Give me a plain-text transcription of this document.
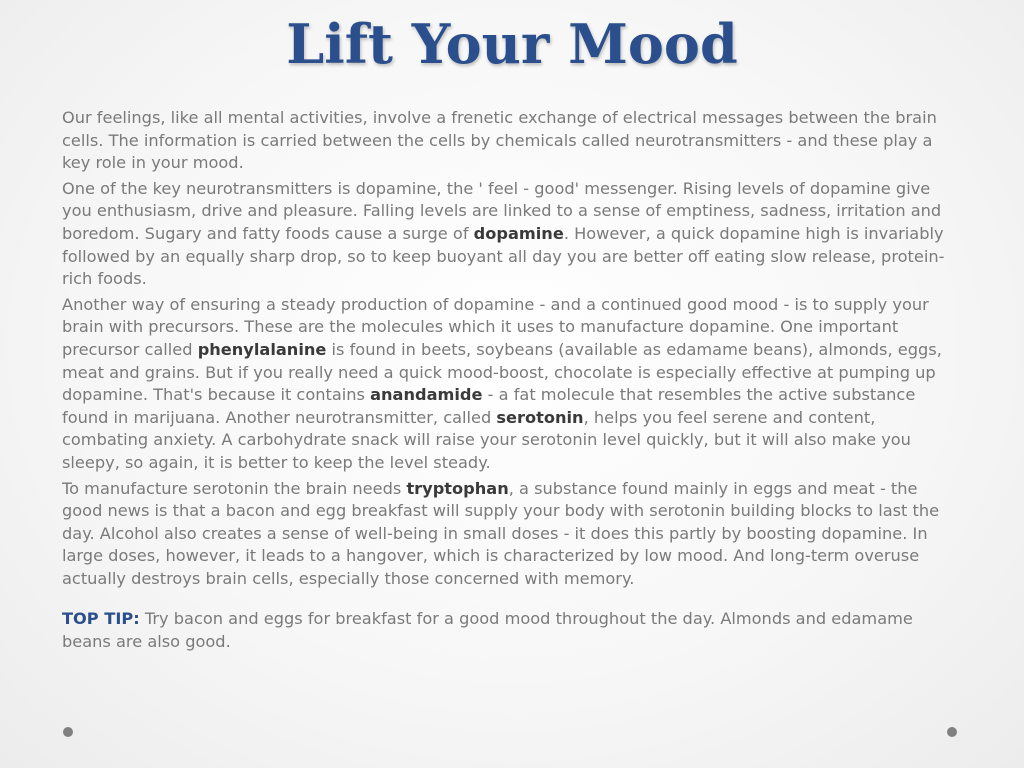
Lift Your Mood

Our feelings, like all mental activities, involve a frenetic exchange of electrical messages between the brain cells. The information is carried between the cells by chemicals called neurotransmitters - and these play a key role in your mood.

One of the key neurotransmitters is dopamine, the ' feel - good' messenger. Rising levels of dopamine give you enthusiasm, drive and pleasure. Falling levels are linked to a sense of emptiness, sadness, irritation and boredom. Sugary and fatty foods cause a surge of dopamine. However, a quick dopamine high is invariably followed by an equally sharp drop, so to keep buoyant all day you are better off eating slow release, protein-rich foods.

Another way of ensuring a steady production of dopamine - and a continued good mood - is to supply your brain with precursors. These are the molecules which it uses to manufacture dopamine. One important precursor called phenylalanine is found in beets, soybeans (available as edamame beans), almonds, eggs, meat and grains. But if you really need a quick mood-boost, chocolate is especially effective at pumping up dopamine. That's because it contains anandamide - a fat molecule that resembles the active substance found in marijuana. Another neurotransmitter, called serotonin, helps you feel serene and content, combating anxiety. A carbohydrate snack will raise your serotonin level quickly, but it will also make you sleepy, so again, it is better to keep the level steady.

To manufacture serotonin the brain needs tryptophan, a substance found mainly in eggs and meat - the good news is that a bacon and egg breakfast will supply your body with serotonin building blocks to last the day. Alcohol also creates a sense of well-being in small doses - it does this partly by boosting dopamine. In large doses, however, it leads to a hangover, which is characterized by low mood. And long-term overuse actually destroys brain cells, especially those concerned with memory.

TOP TIP: Try bacon and eggs for breakfast for a good mood throughout the day. Almonds and edamame beans are also good.
